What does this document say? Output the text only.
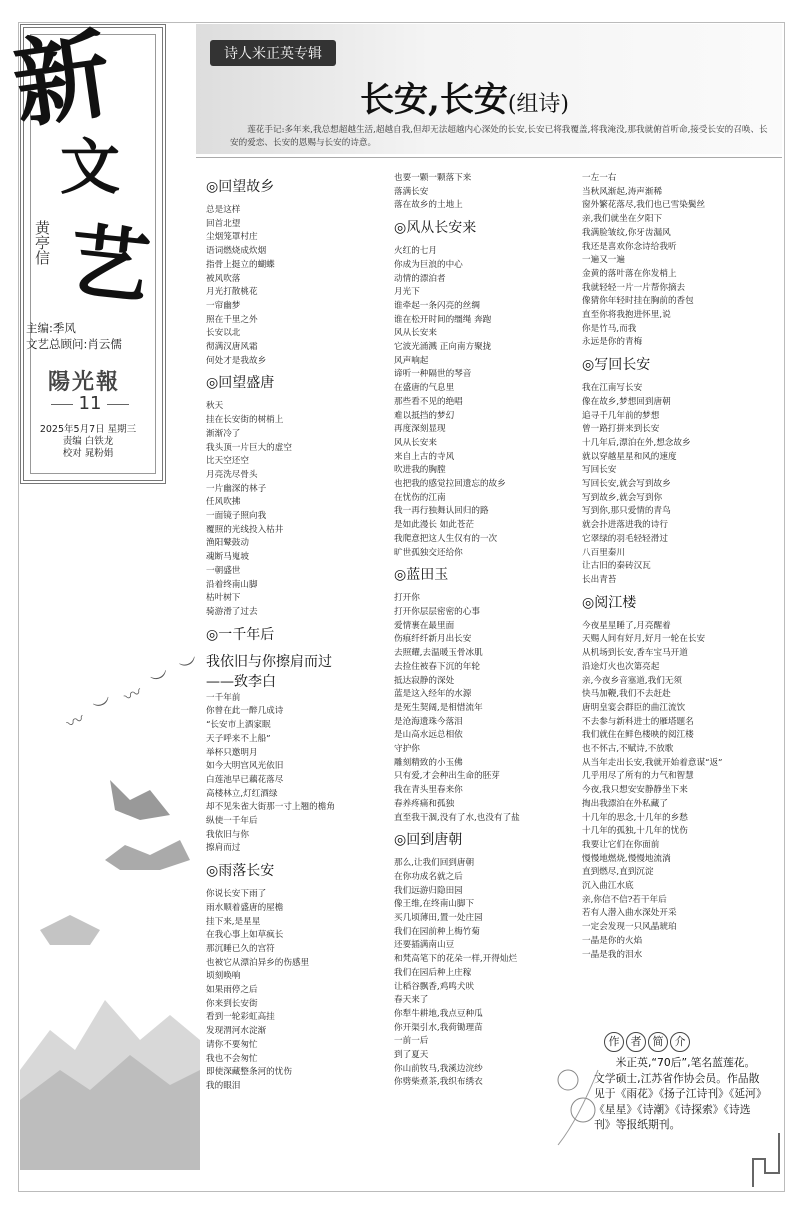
新
文
艺
黄亭信
主编:季风
文艺总顾问:肖云儒
陽光報
11
2025年5月7日 星期三
责编 白铁龙
校对 晁粉娟
〰 ︶ 〰 ︶ ︶
诗人米正英专辑
长安,长安(组诗)
莲花手记:多年来,我总想超越生活,超越自我,但却无法超越内心深处的长安,长安已将我覆盖,将我淹没,那我就俯首听命,接受长安的召唤、长安的爱恋、长安的恩赐与长安的诗意。
◎回望故乡
总是这样
回首北望
尘烟笼罩村庄
语词燃烧成炊烟
指骨上挺立的蝴蝶
被风吹落
月光打散桃花
一帘幽梦
照在千里之外
长安以北
彻满汉唐风霜
何处才是我故乡
◎回望盛唐
秋天
挂在长安街的树梢上
渐渐冷了
我头顶一片巨大的虚空
比天空还空
月亮洗尽骨头
一片幽深的林子
任风吹拂
一面镜子照向我
覆照的光线投入枯井
渔阳鼙鼓动
魂断马嵬坡
一朝盛世
沿着终南山脚
枯叶树下
骑游滑了过去
◎一千年后
我依旧与你擦肩而过
——致李白
一千年前
你曾在此一醉几成诗
“长安市上酒家眠
天子呼来不上船”
举杯只邀明月
如今大明宫风光依旧
白莲池早已藕花落尽
高楼林立,灯红酒绿
却不见朱雀大街那一寸上翘的檐角
纵使一千年后
我依旧与你
擦肩而过
◎雨落长安
你说长安下雨了
雨水顺着盛唐的屋檐
挂下来,是星星
在我心事上如草疯长
那沉睡已久的宫符
也被它从漂泊异乡的伤感里
顷刻唤响
如果雨停之后
你来到长安街
看到一轮彩虹高挂
发现渭河水淀渐
请你不要匆忙
我也不会匆忙
即使深藏整条河的忧伤
我的眼泪
也要一颗一颗落下来
落满长安
落在故乡的土地上
◎风从长安来
火红的七月
你成为巨浪的中心
动情的漂泊者
月光下
谁牵起一条闪亮的丝绸
谁在松开时间的缰绳 奔跑
风从长安来
它波光涌溅 正向南方聚拢
风声响起
谛听一种隔世的琴音
在盛唐的气息里
那些看不见的绝唱
难以抵挡的梦幻
再度深刻显现
风从长安来
来自上古的寺风
吹进我的胸膛
也把我的感觉拉回遗忘的故乡
在忧伤的江南
我一再行独舞认回归的路
是如此漫长 如此苍茫
我爬意把这人生仅有的一次
旷世孤独交还给你
◎蓝田玉
打开你
打开你层层密密的心事
爱情裹在最里面
伤痕纤纤新月出长安
去照耀,去温暖玉骨冰肌
去捡住被春下沉的年轮
抵达寂静的深处
蓝是这入经年的水源
是死生契阔,是相惜流年
是沧海遗珠今落泪
是山高水远总相依
守护你
雕刻精致的小玉佛
只有爱,才会种出生命的胚芽
我在青头里春来你
春养疼痛和孤独
直至我干涸,没有了水,也没有了盐
◎回到唐朝
那么,让我们回到唐朝
在你功成名就之后
我们远游归隐田园
像王维,在终南山脚下
买几顷薄田,置一处庄园
我们在园前种上梅竹菊
还要插满南山豆
和梵高笔下的花朵一样,开得灿烂
我们在园后种上庄稼
让稻谷飘香,鸡鸣犬吠
春天来了
你犁牛耕地,我点豆种瓜
你开渠引水,我荷锄理苗
一前一后
到了夏天
你山前牧马,我溪边浣纱
你劈柴煮茶,我织布绣衣
一左一右
当秋风渐起,涛声渐稀
窗外繁花落尽,我们也已雪染鬓丝
亲,我们就坐在夕阳下
我满脸皱纹,你牙齿漏风
我还是喜欢你念诗给我听
一遍又一遍
金黄的落叶落在你发梢上
我就轻轻一片一片帮你摘去
像猜你年轻时挂在胸前的香包
直至你将我抱进怀里,说
你是竹马,而我
永远是你的青梅
◎写回长安
我在江南写长安
像在故乡,梦想回到唐朝
追寻千几年前的梦想
曾一路打拼来到长安
十几年后,漂泊在外,想念故乡
就以穿越星星和风的速度
写回长安
写回长安,就会写到故乡
写到故乡,就会写到你
写到你,那只爱情的青鸟
就会扑进落进我的诗行
它翠绿的羽毛轻轻滑过
八百里秦川
让古旧的秦砖汉瓦
长出青苔
◎阅江楼
今夜星星睡了,月亮醒着
天赐人间有好月,好月一轮在长安
从机场到长安,香车宝马开道
沿途灯火也次第亮起
亲,今夜乡音塞道,我们无须
快马加鞭,我们不去赶赴
唐明皇宴会群臣的曲江流饮
不去参与新科进士的雁塔题名
我们就住在鲜色楼映的阅江楼
也不怀古,不赋诗,不放歌
从当年走出长安,我就开始着意谋“返”
几乎用尽了所有的力气和智慧
今夜,我只想安安静静坐下来
掏出我漂泊在外私藏了
十几年的思念,十几年的乡愁
十几年的孤独,十几年的忧伤
我要让它们在你面前
慢慢地燃烧,慢慢地流淌
直到燃尽,直到沉淀
沉入曲江水底
亲,你信不信?若干年后
若有人潜入曲水深处开采
一定会发现一只风晶琥珀
一晶是你的火焰
一晶是我的泪水
作 者 简 介
米正英,“70后”,笔名蓝莲花。文学硕士,江苏省作协会员。作品散见于《雨花》《扬子江诗刊》《延河》《星星》《诗潮》《诗探索》《诗选刊》等报纸期刊。
